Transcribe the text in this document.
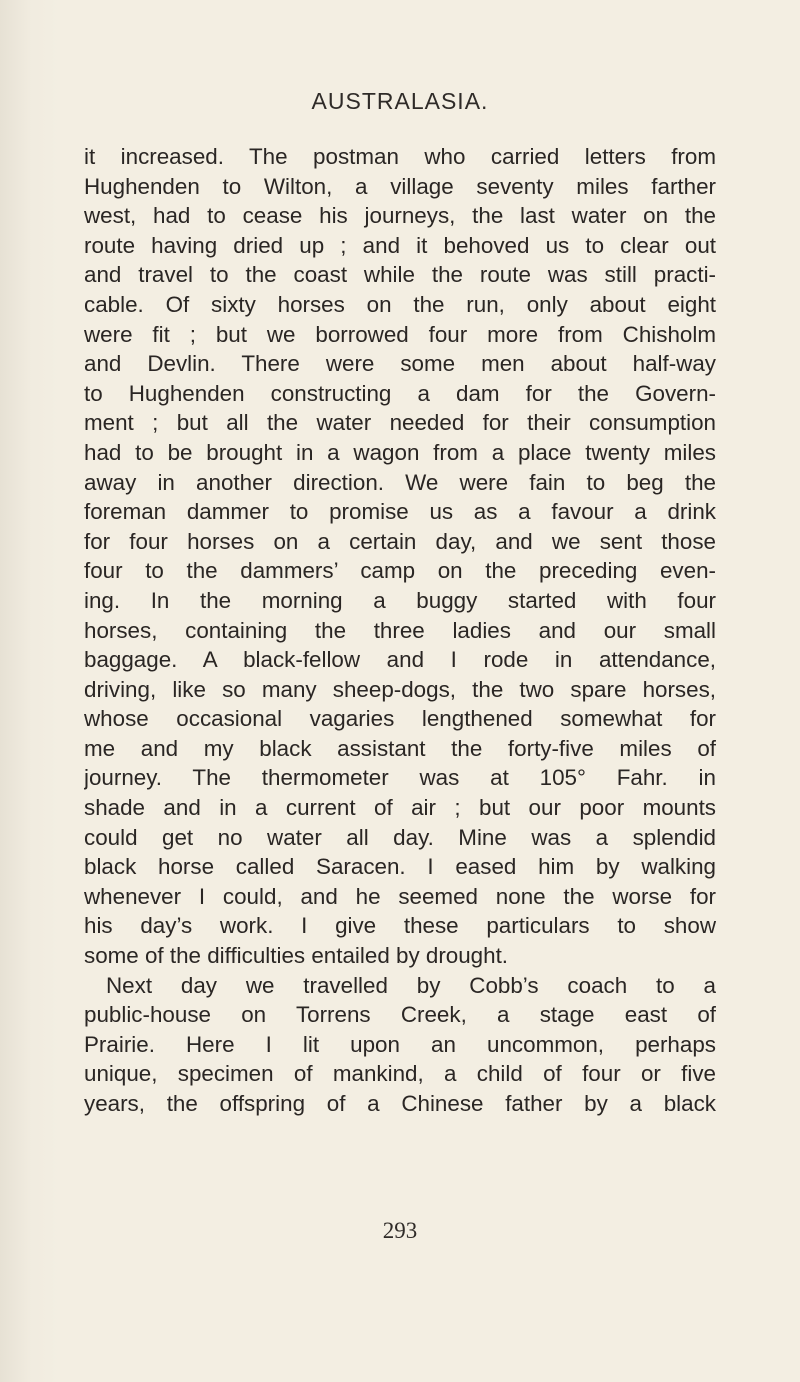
AUSTRALASIA.
it increased. The postman who carried letters from
Hughenden to Wilton, a village seventy miles farther
west, had to cease his journeys, the last water on the
route having dried up ; and it behoved us to clear out
and travel to the coast while the route was still practi-
cable. Of sixty horses on the run, only about eight
were fit ; but we borrowed four more from Chisholm
and Devlin. There were some men about half-way
to Hughenden constructing a dam for the Govern-
ment ; but all the water needed for their consumption
had to be brought in a wagon from a place twenty miles
away in another direction. We were fain to beg the
foreman dammer to promise us as a favour a drink
for four horses on a certain day, and we sent those
four to the dammers’ camp on the preceding even-
ing. In the morning a buggy started with four
horses, containing the three ladies and our small
baggage. A black-fellow and I rode in attendance,
driving, like so many sheep-dogs, the two spare horses,
whose occasional vagaries lengthened somewhat for
me and my black assistant the forty-five miles of
journey. The thermometer was at 105° Fahr. in
shade and in a current of air ; but our poor mounts
could get no water all day. Mine was a splendid
black horse called Saracen. I eased him by walking
whenever I could, and he seemed none the worse for
his day’s work. I give these particulars to show
some of the difficulties entailed by drought.
Next day we travelled by Cobb’s coach to a
public-house on Torrens Creek, a stage east of
Prairie. Here I lit upon an uncommon, perhaps
unique, specimen of mankind, a child of four or five
years, the offspring of a Chinese father by a black
293
